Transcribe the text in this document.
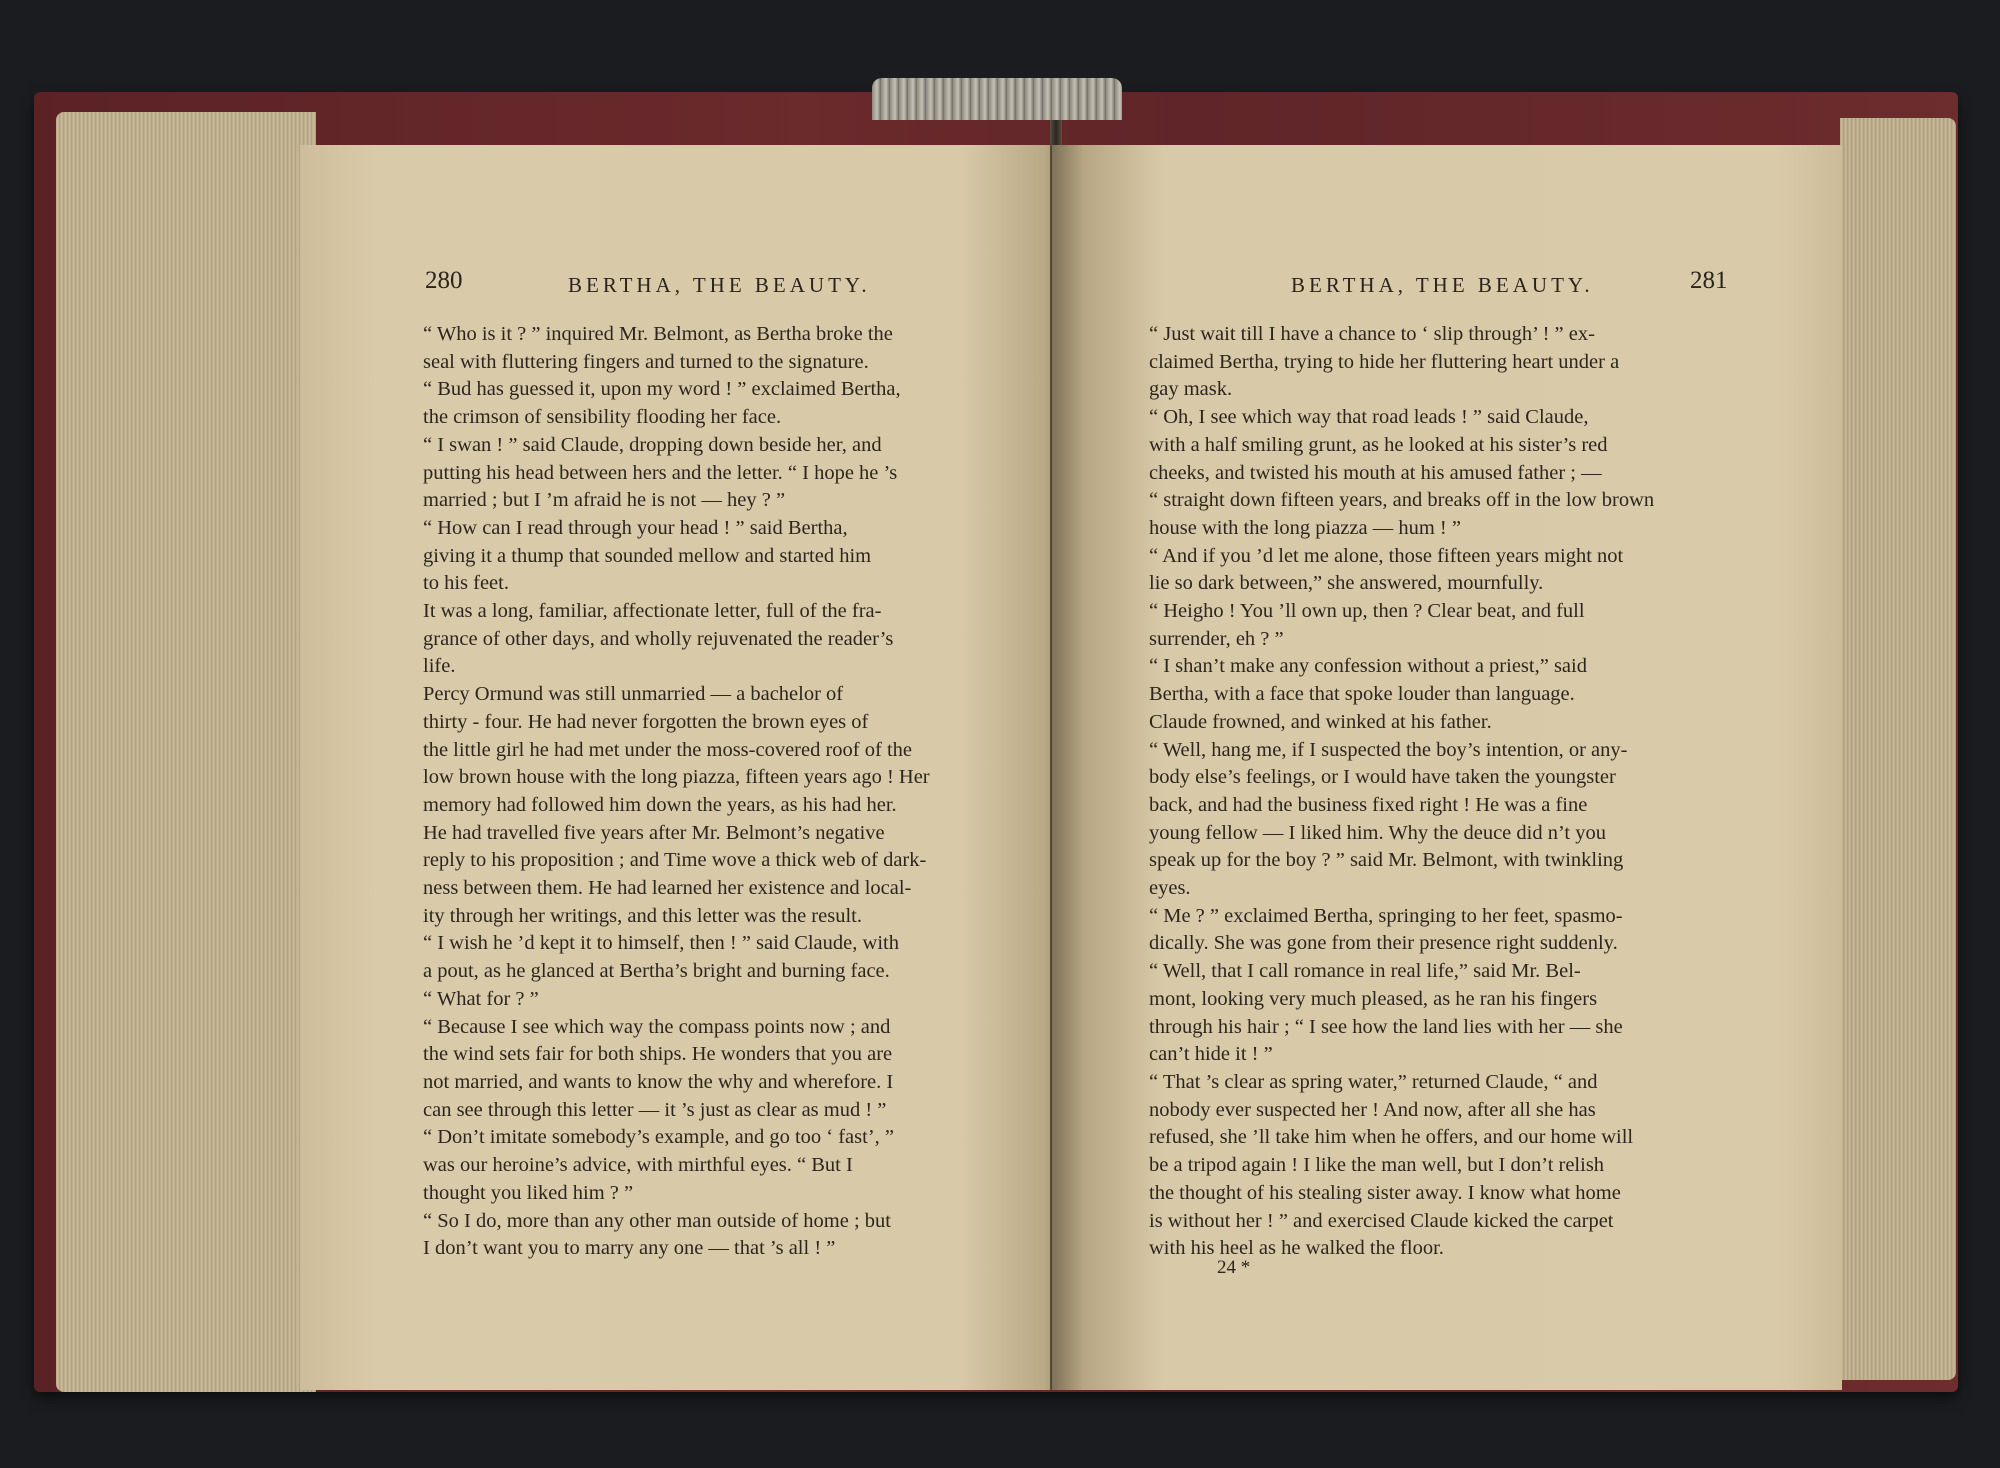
280	BERTHA, THE BEAUTY.
“ Who is it ? ” inquired Mr. Belmont, as Bertha broke the
seal with fluttering fingers and turned to the signature.
“ Bud has guessed it, upon my word ! ” exclaimed Bertha,
the crimson of sensibility flooding her face.
“ I swan ! ” said Claude, dropping down beside her, and
putting his head between hers and the letter. “ I hope he ’s
married ; but I ’m afraid he is not — hey ? ”
“ How can I read through your head ! ” said Bertha,
giving it a thump that sounded mellow and started him
to his feet.
It was a long, familiar, affectionate letter, full of the fra-
grance of other days, and wholly rejuvenated the reader’s
life.
Percy Ormund was still unmarried — a bachelor of
thirty - four. He had never forgotten the brown eyes of
the little girl he had met under the moss-covered roof of the
low brown house with the long piazza, fifteen years ago ! Her
memory had followed him down the years, as his had her.
He had travelled five years after Mr. Belmont’s negative
reply to his proposition ; and Time wove a thick web of dark-
ness between them. He had learned her existence and local-
ity through her writings, and this letter was the result.
“ I wish he ’d kept it to himself, then ! ” said Claude, with
a pout, as he glanced at Bertha’s bright and burning face.
“ What for ? ”
“ Because I see which way the compass points now ; and
the wind sets fair for both ships. He wonders that you are
not married, and wants to know the why and wherefore. I
can see through this letter — it ’s just as clear as mud ! ”
“ Don’t imitate somebody’s example, and go too ‘ fast’, ”
was our heroine’s advice, with mirthful eyes. “ But I
thought you liked him ? ”
“ So I do, more than any other man outside of home ; but
I don’t want you to marry any one — that ’s all ! ”
BERTHA, THE BEAUTY.	281
“ Just wait till I have a chance to ‘ slip through’ ! ” ex-
claimed Bertha, trying to hide her fluttering heart under a
gay mask.
“ Oh, I see which way that road leads ! ” said Claude,
with a half smiling grunt, as he looked at his sister’s red
cheeks, and twisted his mouth at his amused father ; —
“ straight down fifteen years, and breaks off in the low brown
house with the long piazza — hum ! ”
“ And if you ’d let me alone, those fifteen years might not
lie so dark between,” she answered, mournfully.
“ Heigho ! You ’ll own up, then ? Clear beat, and full
surrender, eh ? ”
“ I shan’t make any confession without a priest,” said
Bertha, with a face that spoke louder than language.
Claude frowned, and winked at his father.
“ Well, hang me, if I suspected the boy’s intention, or any-
body else’s feelings, or I would have taken the youngster
back, and had the business fixed right ! He was a fine
young fellow — I liked him. Why the deuce did n’t you
speak up for the boy ? ” said Mr. Belmont, with twinkling
eyes.
“ Me ? ” exclaimed Bertha, springing to her feet, spasmo-
dically. She was gone from their presence right suddenly.
“ Well, that I call romance in real life,” said Mr. Bel-
mont, looking very much pleased, as he ran his fingers
through his hair ; “ I see how the land lies with her — she
can’t hide it ! ”
“ That ’s clear as spring water,” returned Claude, “ and
nobody ever suspected her ! And now, after all she has
refused, she ’ll take him when he offers, and our home will
be a tripod again ! I like the man well, but I don’t relish
the thought of his stealing sister away. I know what home
is without her ! ” and exercised Claude kicked the carpet
with his heel as he walked the floor.
24 *
